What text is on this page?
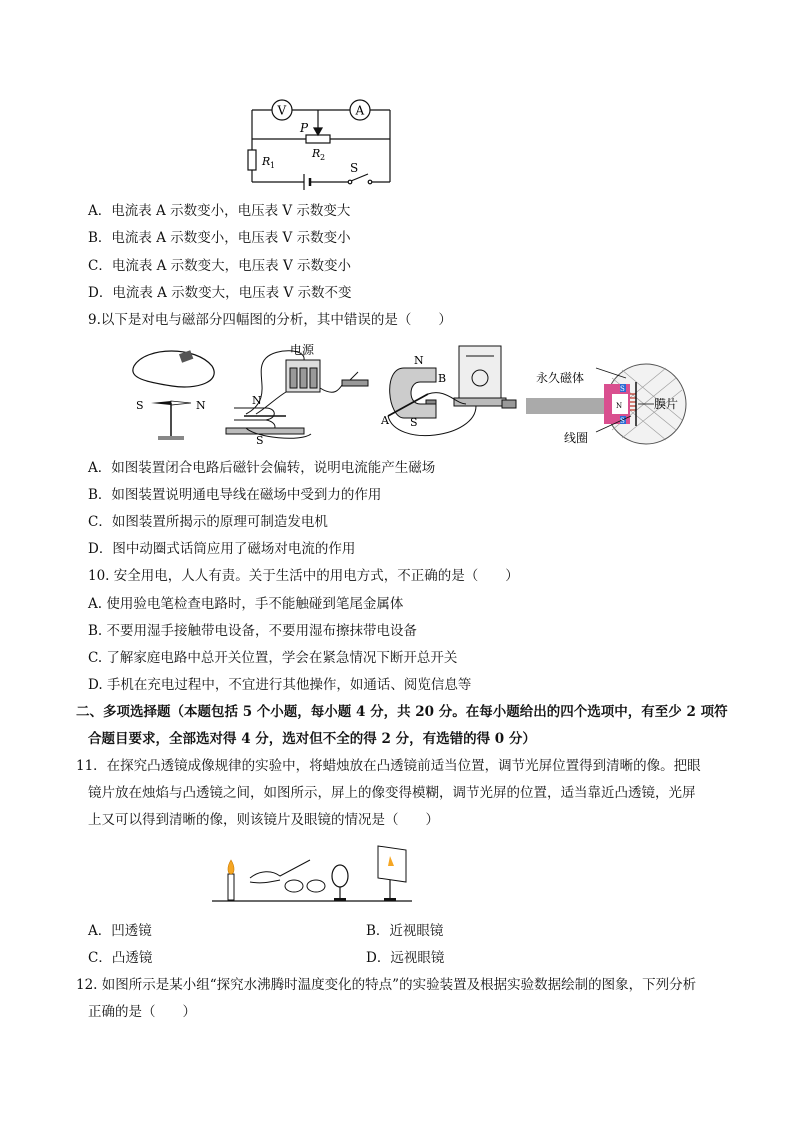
V	A
P
R 1
R 2
S
A．电流表 A 示数变小，电压表 V 示数变大
B．电流表 A 示数变小，电压表 V 示数变小
C．电流表 A 示数变大，电压表 V 示数变小
D．电流表 A 示数变大，电压表 V 示数不变
9.以下是对电与磁部分四幅图的分析，其中错误的是（　　）
S	N
电源
N
S
N
B
A S
永久磁体
线圈
膜片
S
N
S
A．如图装置闭合电路后磁针会偏转，说明电流能产生磁场
B．如图装置说明通电导线在磁场中受到力的作用
C．如图装置所揭示的原理可制造发电机
D．图中动圈式话筒应用了磁场对电流的作用
10. 安全用电，人人有责。关于生活中的用电方式，不正确的是（　　）
A. 使用验电笔检查电路时，手不能触碰到笔尾金属体
B. 不要用湿手接触带电设备，不要用湿布擦抹带电设备
C. 了解家庭电路中总开关位置，学会在紧急情况下断开总开关
D. 手机在充电过程中，不宜进行其他操作，如通话、阅览信息等
二、多项选择题（本题包括 5 个小题，每小题 4 分，共 20 分。在每小题给出的四个选项中，有至少 2 项符
合题目要求，全部选对得 4 分，选对但不全的得 2 分，有选错的得 0 分）
11．在探究凸透镜成像规律的实验中，将蜡烛放在凸透镜前适当位置，调节光屏位置得到清晰的像。把眼
镜片放在烛焰与凸透镜之间，如图所示，屏上的像变得模糊，调节光屏的位置，适当靠近凸透镜，光屏
上又可以得到清晰的像，则该镜片及眼镜的情况是（　　）
A．凹透镜	B．近视眼镜
C．凸透镜	D．远视眼镜
12. 如图所示是某小组“探究水沸腾时温度变化的特点”的实验装置及根据实验数据绘制的图象，下列分析
正确的是（　　）
